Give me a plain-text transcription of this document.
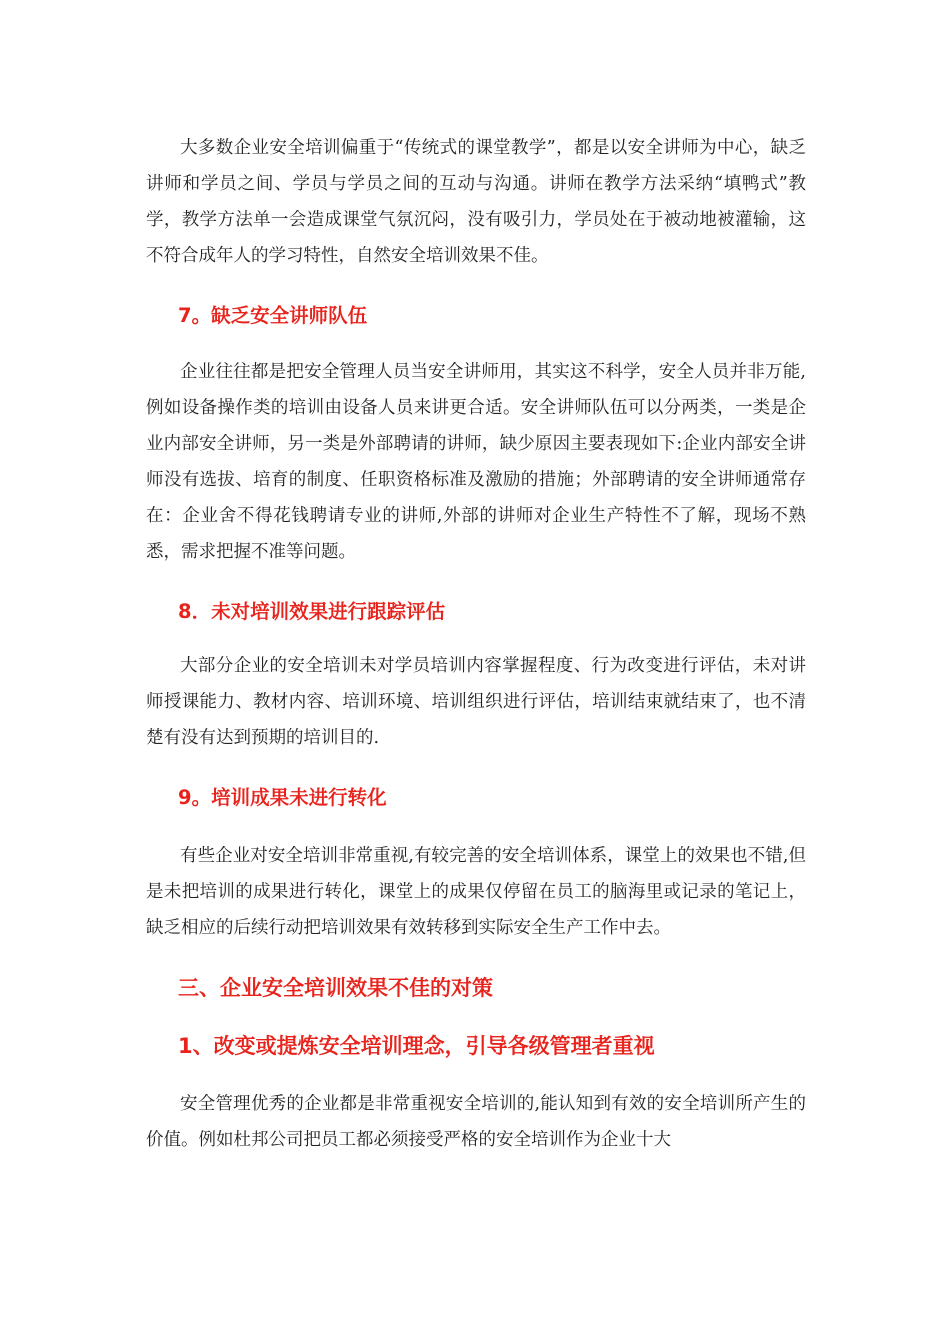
大多数企业安全培训偏重于“传统式的课堂教学”，都是以安全讲师为中心，缺乏讲师和学员之间、学员与学员之间的互动与沟通。讲师在教学方法采纳“填鸭式”教学，教学方法单一会造成课堂气氛沉闷，没有吸引力，学员处在于被动地被灌输，这不符合成年人的学习特性，自然安全培训效果不佳。

7。缺乏安全讲师队伍

企业往往都是把安全管理人员当安全讲师用，其实这不科学，安全人员并非万能,例如设备操作类的培训由设备人员来讲更合适。安全讲师队伍可以分两类，一类是企业内部安全讲师，另一类是外部聘请的讲师，缺少原因主要表现如下:企业内部安全讲师没有选拔、培育的制度、任职资格标准及激励的措施；外部聘请的安全讲师通常存在：企业舍不得花钱聘请专业的讲师,外部的讲师对企业生产特性不了解，现场不熟悉，需求把握不准等问题。

8．未对培训效果进行跟踪评估

大部分企业的安全培训未对学员培训内容掌握程度、行为改变进行评估，未对讲师授课能力、教材内容、培训环境、培训组织进行评估，培训结束就结束了，也不清楚有没有达到预期的培训目的.

9。培训成果未进行转化

有些企业对安全培训非常重视,有较完善的安全培训体系，课堂上的效果也不错,但是未把培训的成果进行转化，课堂上的成果仅停留在员工的脑海里或记录的笔记上，缺乏相应的后续行动把培训效果有效转移到实际安全生产工作中去。

三、企业安全培训效果不佳的对策
1、改变或提炼安全培训理念，引导各级管理者重视

安全管理优秀的企业都是非常重视安全培训的,能认知到有效的安全培训所产生的价值。例如杜邦公司把员工都必须接受严格的安全培训作为企业十大
